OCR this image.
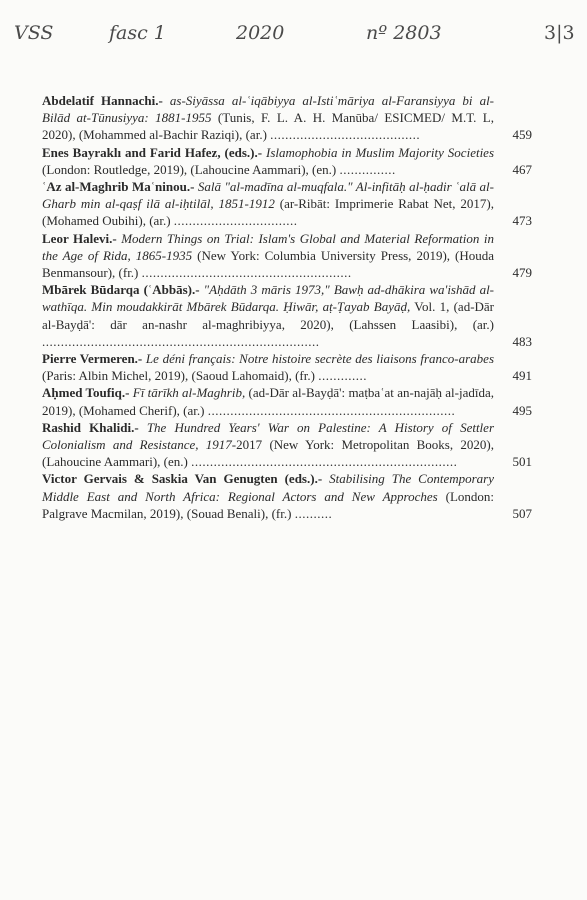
VSS	fasc 1	2020	nº 2803	3|3

Abdelatif Hannachi.- as-Siyāssa al-ʿiqābiyya al-Istiʿmāriya al-Faransiyya bi al-Bilād at-Tūnusiyya: 1881-1955 (Tunis, F. L. A. H. Manūba/ ESICMED/ M.T. L, 2020), (Mohammed al-Bachir Raziqi), (ar.) ........................................	459

Enes Bayraklı and Farid Hafez, (eds.).- Islamophobia in Muslim Majority Societies (London: Routledge, 2019), (Lahoucine Aammari), (en.) ...............	467

ʿAz al-Maghrib Maʿninou.- Salā "al-madīna al-muqfala." Al-infitāḥ al-ḥadir ʿalā al-Gharb min al-qaṣf ilā al-iḥtilāl, 1851-1912 (ar-Ribāt: Imprimerie Rabat Net, 2017), (Mohamed Oubihi), (ar.) .................................	473

Leor Halevi.- Modern Things on Trial: Islam's Global and Material Reformation in the Age of Rida, 1865-1935 (New York: Columbia University Press, 2019), (Houda Benmansour), (fr.) ........................................................	479

Mbārek Būdarqa (ʿAbbās).- "Aḥdāth 3 māris 1973," Bawḥ ad-dhākira wa'ishād al-wathīqa. Min moudakkirāt Mbārek Būdarqa. Ḥiwār, aṭ-Ṭayab Bayāḍ, Vol. 1, (ad-Dār al-Bayḍā': dār an-nashr al-maghribiyya, 2020), (Lahssen Laasibi), (ar.) ..........................................................................	483

Pierre Vermeren.- Le déni français: Notre histoire secrète des liaisons franco-arabes (Paris: Albin Michel, 2019), (Saoud Lahomaid), (fr.) .............	491

Aḥmed Toufiq.- Fī tārīkh al-Maghrib, (ad-Dār al-Bayḍā': maṭbaʿat an-najāḥ al-jadīda, 2019), (Mohamed Cherif), (ar.) ..................................................................	495

Rashid Khalidi.- The Hundred Years' War on Palestine: A History of Settler Colonialism and Resistance, 1917-2017 (New York: Metropolitan Books, 2020), (Lahoucine Aammari), (en.) .......................................................................	501

Victor Gervais & Saskia Van Genugten (eds.).- Stabilising The Contemporary Middle East and North Africa: Regional Actors and New Approches (London: Palgrave Macmilan, 2019), (Souad Benali), (fr.) ..........	507
